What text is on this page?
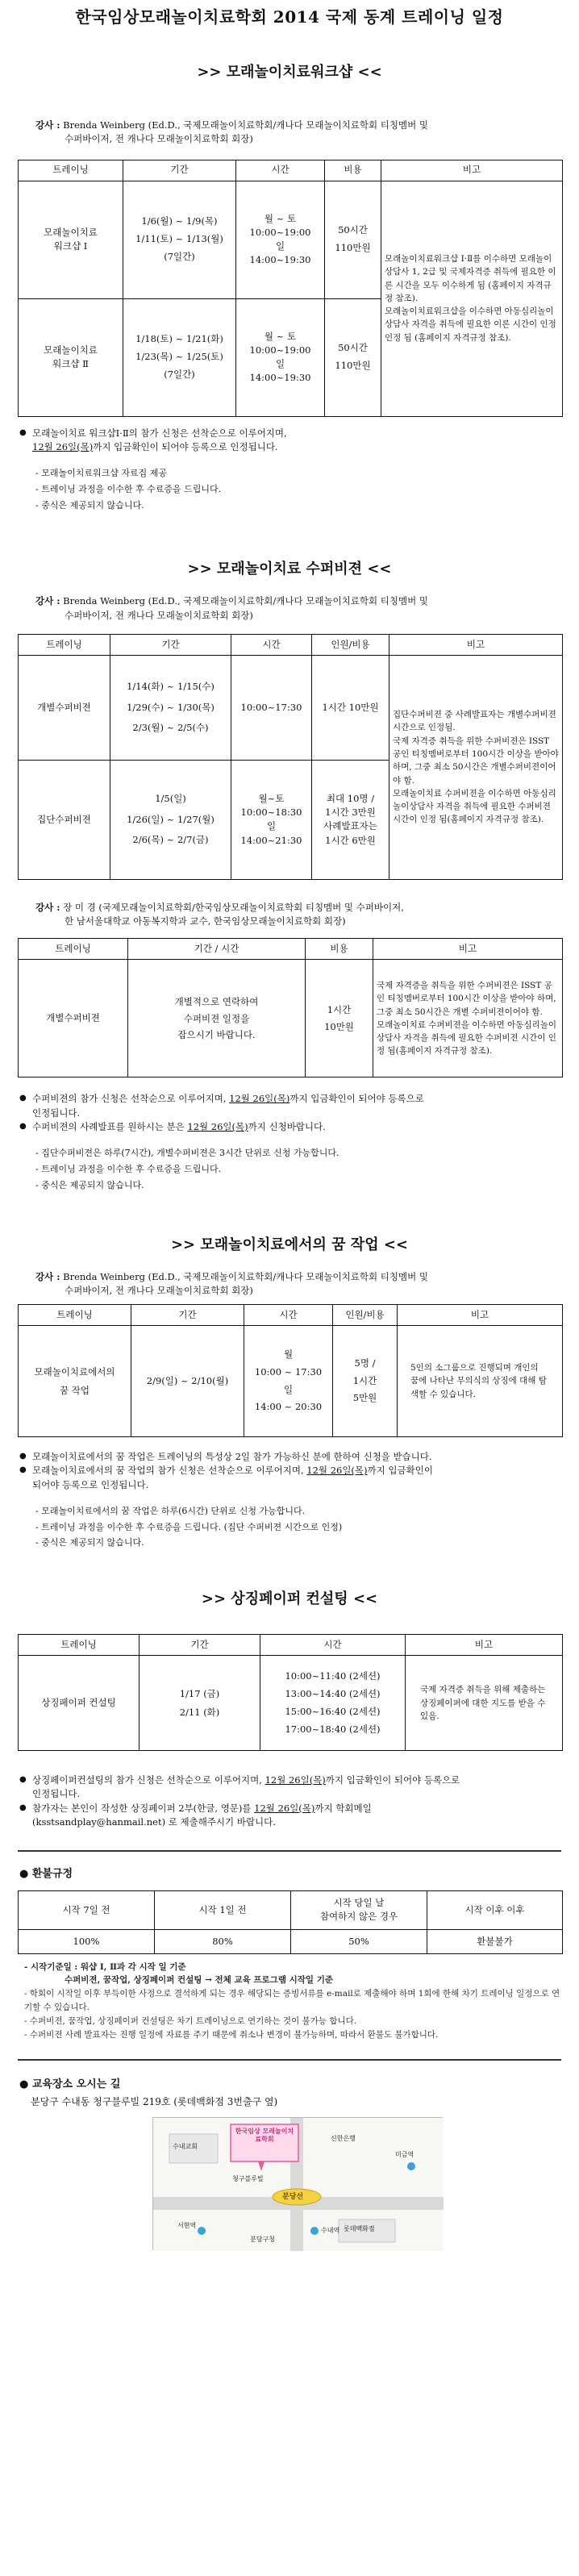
한국임상모래놀이치료학회 2014 국제 동계 트레이닝 일정
>> 모래놀이치료워크샵 <<
강사 : Brenda Weinberg (Ed.D., 국제모래놀이치료학회/캐나다 모래놀이치료학회 티칭멤버 및
수퍼바이저, 전 캐나다 모래놀이치료학회 회장)
트레이닝	기간	시간	비용	비고
모래놀이치료
워크샵 Ⅰ	1/6(월) ~ 1/9(목)
1/11(토) ~ 1/13(월)
(7일간)	월 ~ 토
10:00~19:00
일
14:00~19:30	50시간
110만원	모래놀이치료워크샵 Ⅰ·Ⅱ를 이수하면 모래놀이상담사 1, 2급 및 국제자격증 취득에 필요한 이론 시간을 모두 이수하게 됨 (홈페이지 자격규정 참조).
모래놀이치료워크샵을 이수하면 아동심리놀이상담사 자격을 취득에 필요한 이론 시간이 인정 인정 됨 (홈페이지 자격규정 참조).
모래놀이치료
워크샵 Ⅱ	1/18(토) ~ 1/21(화)
1/23(목) ~ 1/25(토)
(7일간)	월 ~ 토
10:00~19:00
일
14:00~19:30	50시간
110만원	
● 모래놀이치료 워크샵Ⅰ·Ⅱ의 참가 신청은 선착순으로 이루어지며,
12월 26일(목)까지 입금확인이 되어야 등록으로 인정됩니다.
- 모래놀이치료워크샵 자료집 제공
- 트레이닝 과정을 이수한 후 수료증을 드립니다.
- 중식은 제공되지 않습니다.
>> 모래놀이치료 수퍼비젼 <<
강사 : Brenda Weinberg (Ed.D., 국제모래놀이치료학회/캐나다 모래놀이치료학회 티칭멤버 및
수퍼바이저, 전 캐나다 모래놀이치료학회 회장)
트레이닝	기간	시간	인원/비용	비고
개별수퍼비젼	1/14(화) ~ 1/15(수)
1/29(수) ~ 1/30(목)
2/3(월) ~ 2/5(수)	10:00~17:30	1시간 10만원	집단수퍼비젼 중 사례발표자는 개별수퍼비젼 시간으로 인정됨.
국제 자격증 취득을 위한 수퍼비젼은 ISST 공인 티칭멤버로부터 100시간 이상을 받아야 하며, 그중 최소 50시간은 개별수퍼비젼이어야 함.
모래놀이치료 수퍼비젼을 이수하면 아동심리놀이상담사 자격을 취득에 필요한 수퍼비젼 시간이 인정 됨(홈페이지 자격규정 참조).
집단수퍼비젼	1/5(일)
1/26(일) ~ 1/27(월)
2/6(목) ~ 2/7(금)	월~토
10:00~18:30
일
14:00~21:30	최대 10명 /
1시간 3만원
사례발표자는
1시간 6만원	
강사 : 장 미 경 (국제모래놀이치료학회/한국임상모래놀이치료학회 티칭멤버 및 수퍼바이저,
한 남서울대학교 아동복지학과 교수, 한국임상모래놀이치료학회 회장)
트레이닝	기간 / 시간	비용	비고
개별수퍼비젼	개별적으로 연락하여
수퍼비젼 일정을
잡으시기 바랍니다.	1시간
10만원	국제 자격증을 취득을 위한 수퍼비젼은 ISST 공인 티칭멤버로부터 100시간 이상을 받아야 하며, 그중 최소 50시간은 개별 수퍼비젼이어야 함.
모래놀이치료 수퍼비젼을 이수하면 아동심리놀이상담사 자격을 취득에 필요한 수퍼비젼 시간이 인정 됨(홈페이지 자격규정 참조).
● 수퍼비젼의 참가 신청은 선착순으로 이루어지며, 12월 26일(목)까지 입금확인이 되어야 등록으로
인정됩니다.
● 수퍼비젼의 사례발표를 원하시는 분은 12월 26일(목)까지 신청바랍니다.
- 집단수퍼비젼은 하루(7시간), 개별수퍼비젼은 3시간 단위로 신청 가능합니다.
- 트레이닝 과정을 이수한 후 수료증을 드립니다.
- 중식은 제공되지 않습니다.
>> 모래놀이치료에서의 꿈 작업 <<
강사 : Brenda Weinberg (Ed.D., 국제모래놀이치료학회/캐나다 모래놀이치료학회 티칭멤버 및
수퍼바이저, 전 캐나다 모래놀이치료학회 회장)
트레이닝	기간	시간	인원/비용	비고
모래놀이치료에서의
꿈 작업	2/9(일) ~ 2/10(월)	월
10:00 ~ 17:30
일
14:00 ~ 20:30	5명 /
1시간
5만원	5인의 소그룹으로 진행되며 개인의 꿈에 나타난 무의식의 상징에 대해 탐색할 수 있습니다.
● 모래놀이치료에서의 꿈 작업은 트레이닝의 특성상 2일 참가 가능하신 분에 한하여 신청을 받습니다.
● 모래놀이치료에서의 꿈 작업의 참가 신청은 선착순으로 이루어지며, 12월 26일(목)까지 입금확인이
되어야 등록으로 인정됩니다.
- 모래놀이치료에서의 꿈 작업은 하루(6시간) 단위로 신청 가능합니다.
- 트레이닝 과정을 이수한 후 수료증을 드립니다. (집단 수퍼비젼 시간으로 인정)
- 중식은 제공되지 않습니다.
>> 상징페이퍼 컨설팅 <<
트레이닝	기간	시간	비고
상징페이퍼 컨설팅	1/17 (금)
2/11 (화)	10:00~11:40 (2세션)
13:00~14:40 (2세션)
15:00~16:40 (2세션)
17:00~18:40 (2세션)	국제 자격증 취득을 위해 제출하는 상징페이퍼에 대한 지도를 받을 수 있음.
● 상징페이퍼컨설팅의 참가 신청은 선착순으로 이루어지며, 12월 26일(목)까지 입금확인이 되어야 등록으로
인정됩니다.
● 참가자는 본인이 작성한 상징페이퍼 2부(한글, 영문)를 12월 26일(목)까지 학회메일
(ksstsandplay@hanmail.net) 로 제출해주시기 바랍니다.
● 환불규정
시작 7일 전	시작 1일 전	시작 당일 날
참여하지 않은 경우	시작 이후 이후
100%	80%	50%	환불불가
- 시작기준일 : 워샵 Ⅰ, Ⅱ과 각 시작 일 기준
수퍼비젼, 꿈작업, 상징페이퍼 컨설팅 → 전체 교육 프로그램 시작일 기준
- 학회이 시작일 이후 부득이한 사정으로 결석하게 되는 경우 해당되는 증빙서류를 e-mail로 제출해야 하며 1회에 한해 차기 트레이닝 일정으로 연기할 수 있습니다.
- 수퍼비젼, 꿈작업, 상징페이퍼 컨설팅은 차기 트레이닝으로 연기하는 것이 불가능 합니다.
- 수퍼비젼 사례 발표자는 진행 일정에 자료를 주기 때문에 취소나 변경이 불가능하며, 따라서 환불도 불가합니다.
● 교육장소 오시는 길
분당구 수내동 청구블루빌 219호 (롯데백화점 3번출구 옆)
한국임상 모래놀이치료학회	신한은행
수내교회
분당선
롯데백화점
청구블루빌
수내역
서현역
미금역
분당구청
